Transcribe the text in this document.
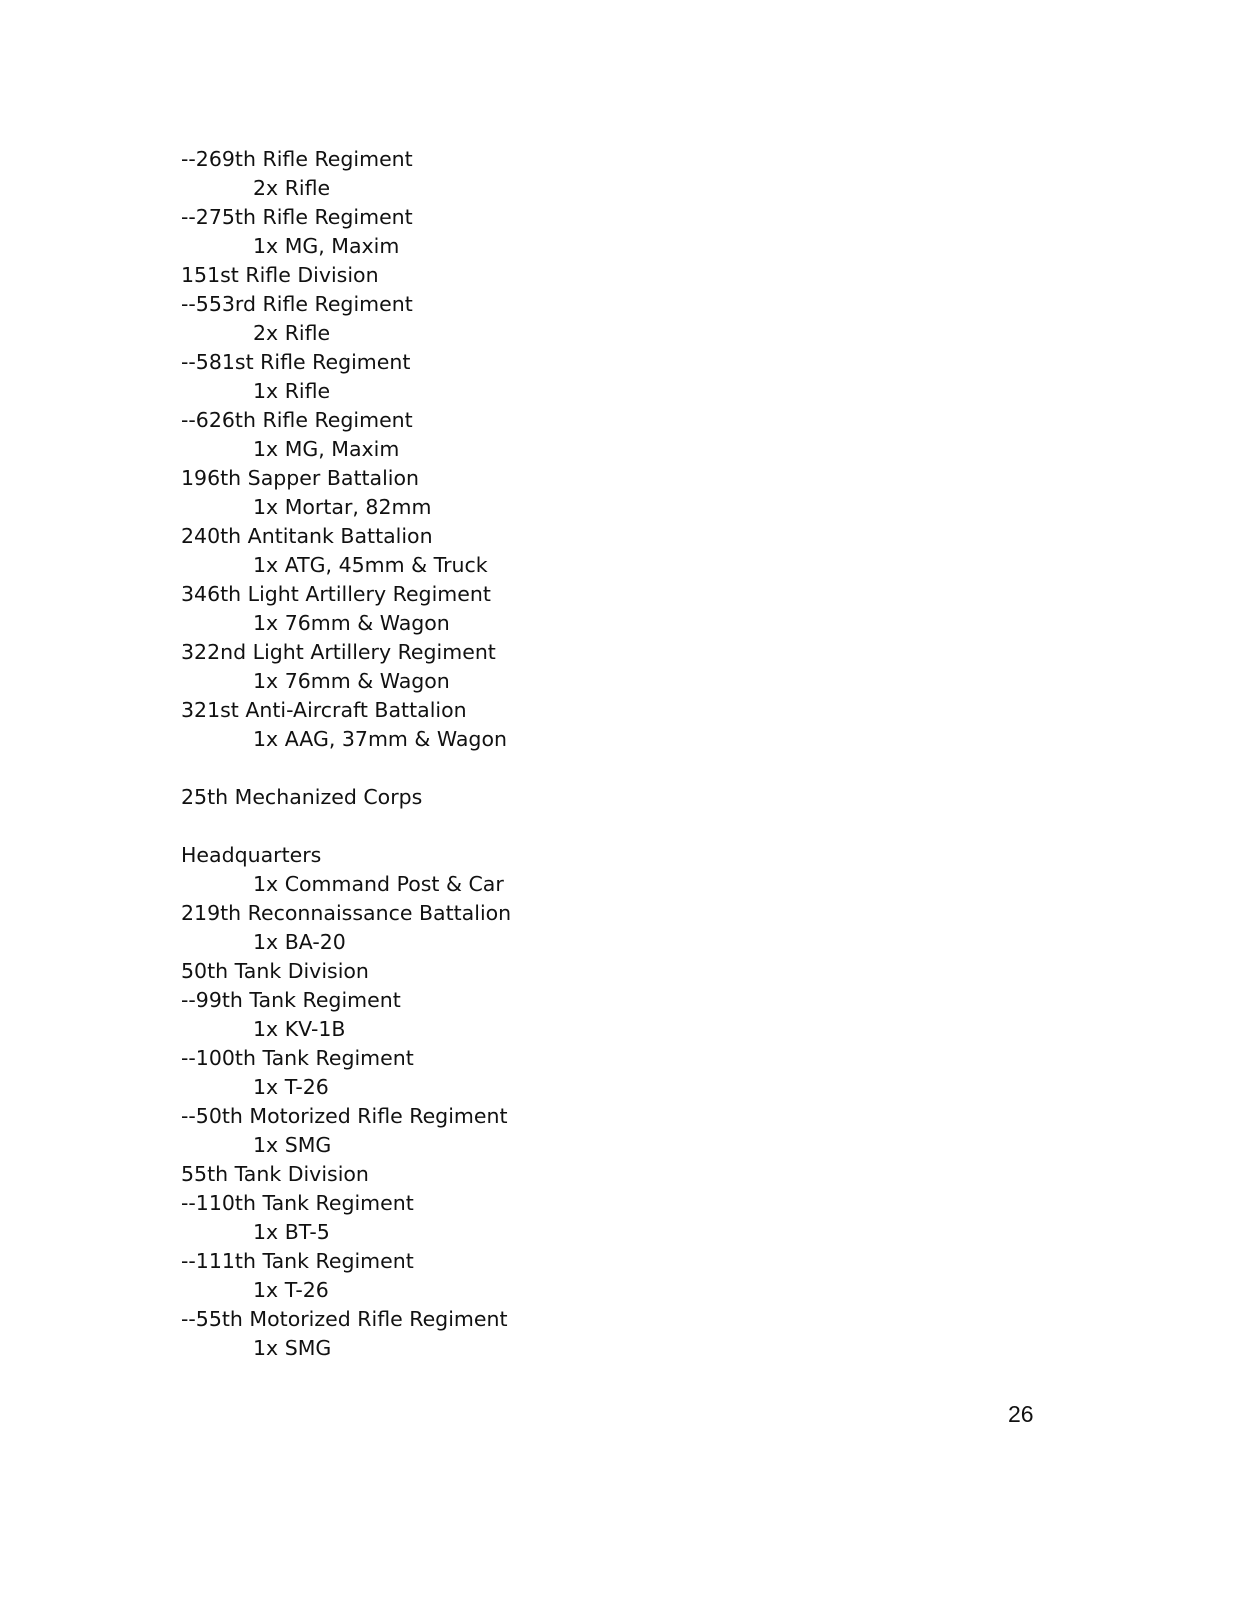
--269th Rifle Regiment
2x Rifle
--275th Rifle Regiment
1x MG, Maxim
151st Rifle Division
--553rd Rifle Regiment
2x Rifle
--581st Rifle Regiment
1x Rifle
--626th Rifle Regiment
1x MG, Maxim
196th Sapper Battalion
1x Mortar, 82mm
240th Antitank Battalion
1x ATG, 45mm & Truck
346th Light Artillery Regiment
1x 76mm & Wagon
322nd Light Artillery Regiment
1x 76mm & Wagon
321st Anti-Aircraft Battalion
1x AAG, 37mm & Wagon
25th Mechanized Corps
Headquarters
1x Command Post & Car
219th Reconnaissance Battalion
1x BA-20
50th Tank Division
--99th Tank Regiment
1x KV-1B
--100th Tank Regiment
1x T-26
--50th Motorized Rifle Regiment
1x SMG
55th Tank Division
--110th Tank Regiment
1x BT-5
--111th Tank Regiment
1x T-26
--55th Motorized Rifle Regiment
1x SMG
26
